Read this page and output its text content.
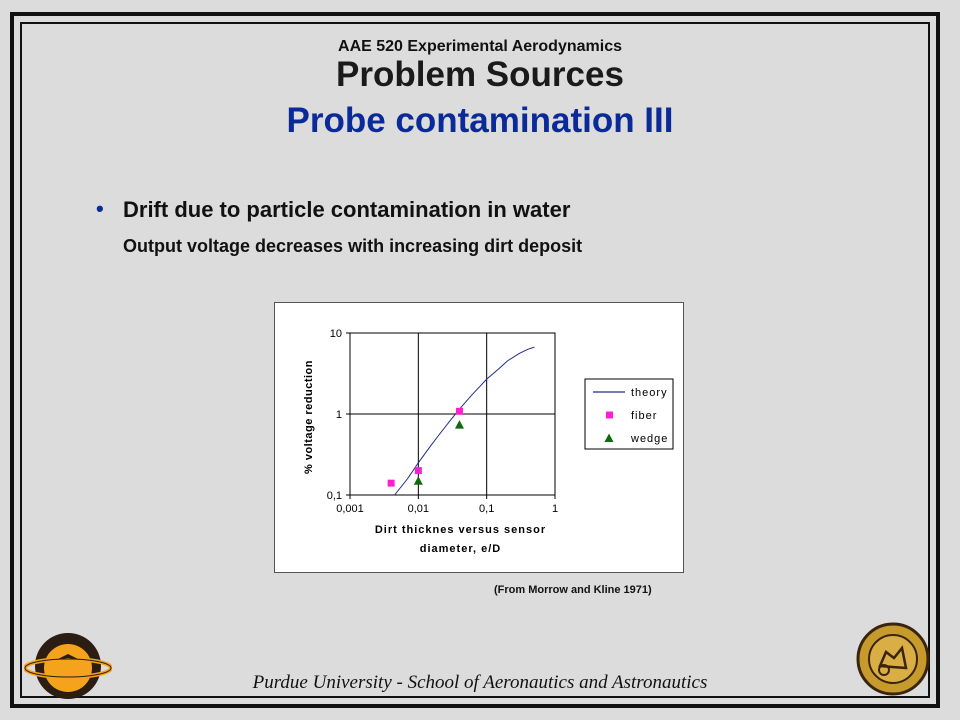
AAE 520 Experimental Aerodynamics
Problem Sources
Probe contamination III
• Drift due to particle contamination in water
Output voltage decreases with increasing dirt deposit
0,001	0,01	0,1	1
0,1
1
10
Dirt thicknes versus sensor
diameter, e/D
% voltage reduction	theory
fiber
wedge
(From Morrow and Kline 1971)
Purdue University - School of Aeronautics and Astronautics
